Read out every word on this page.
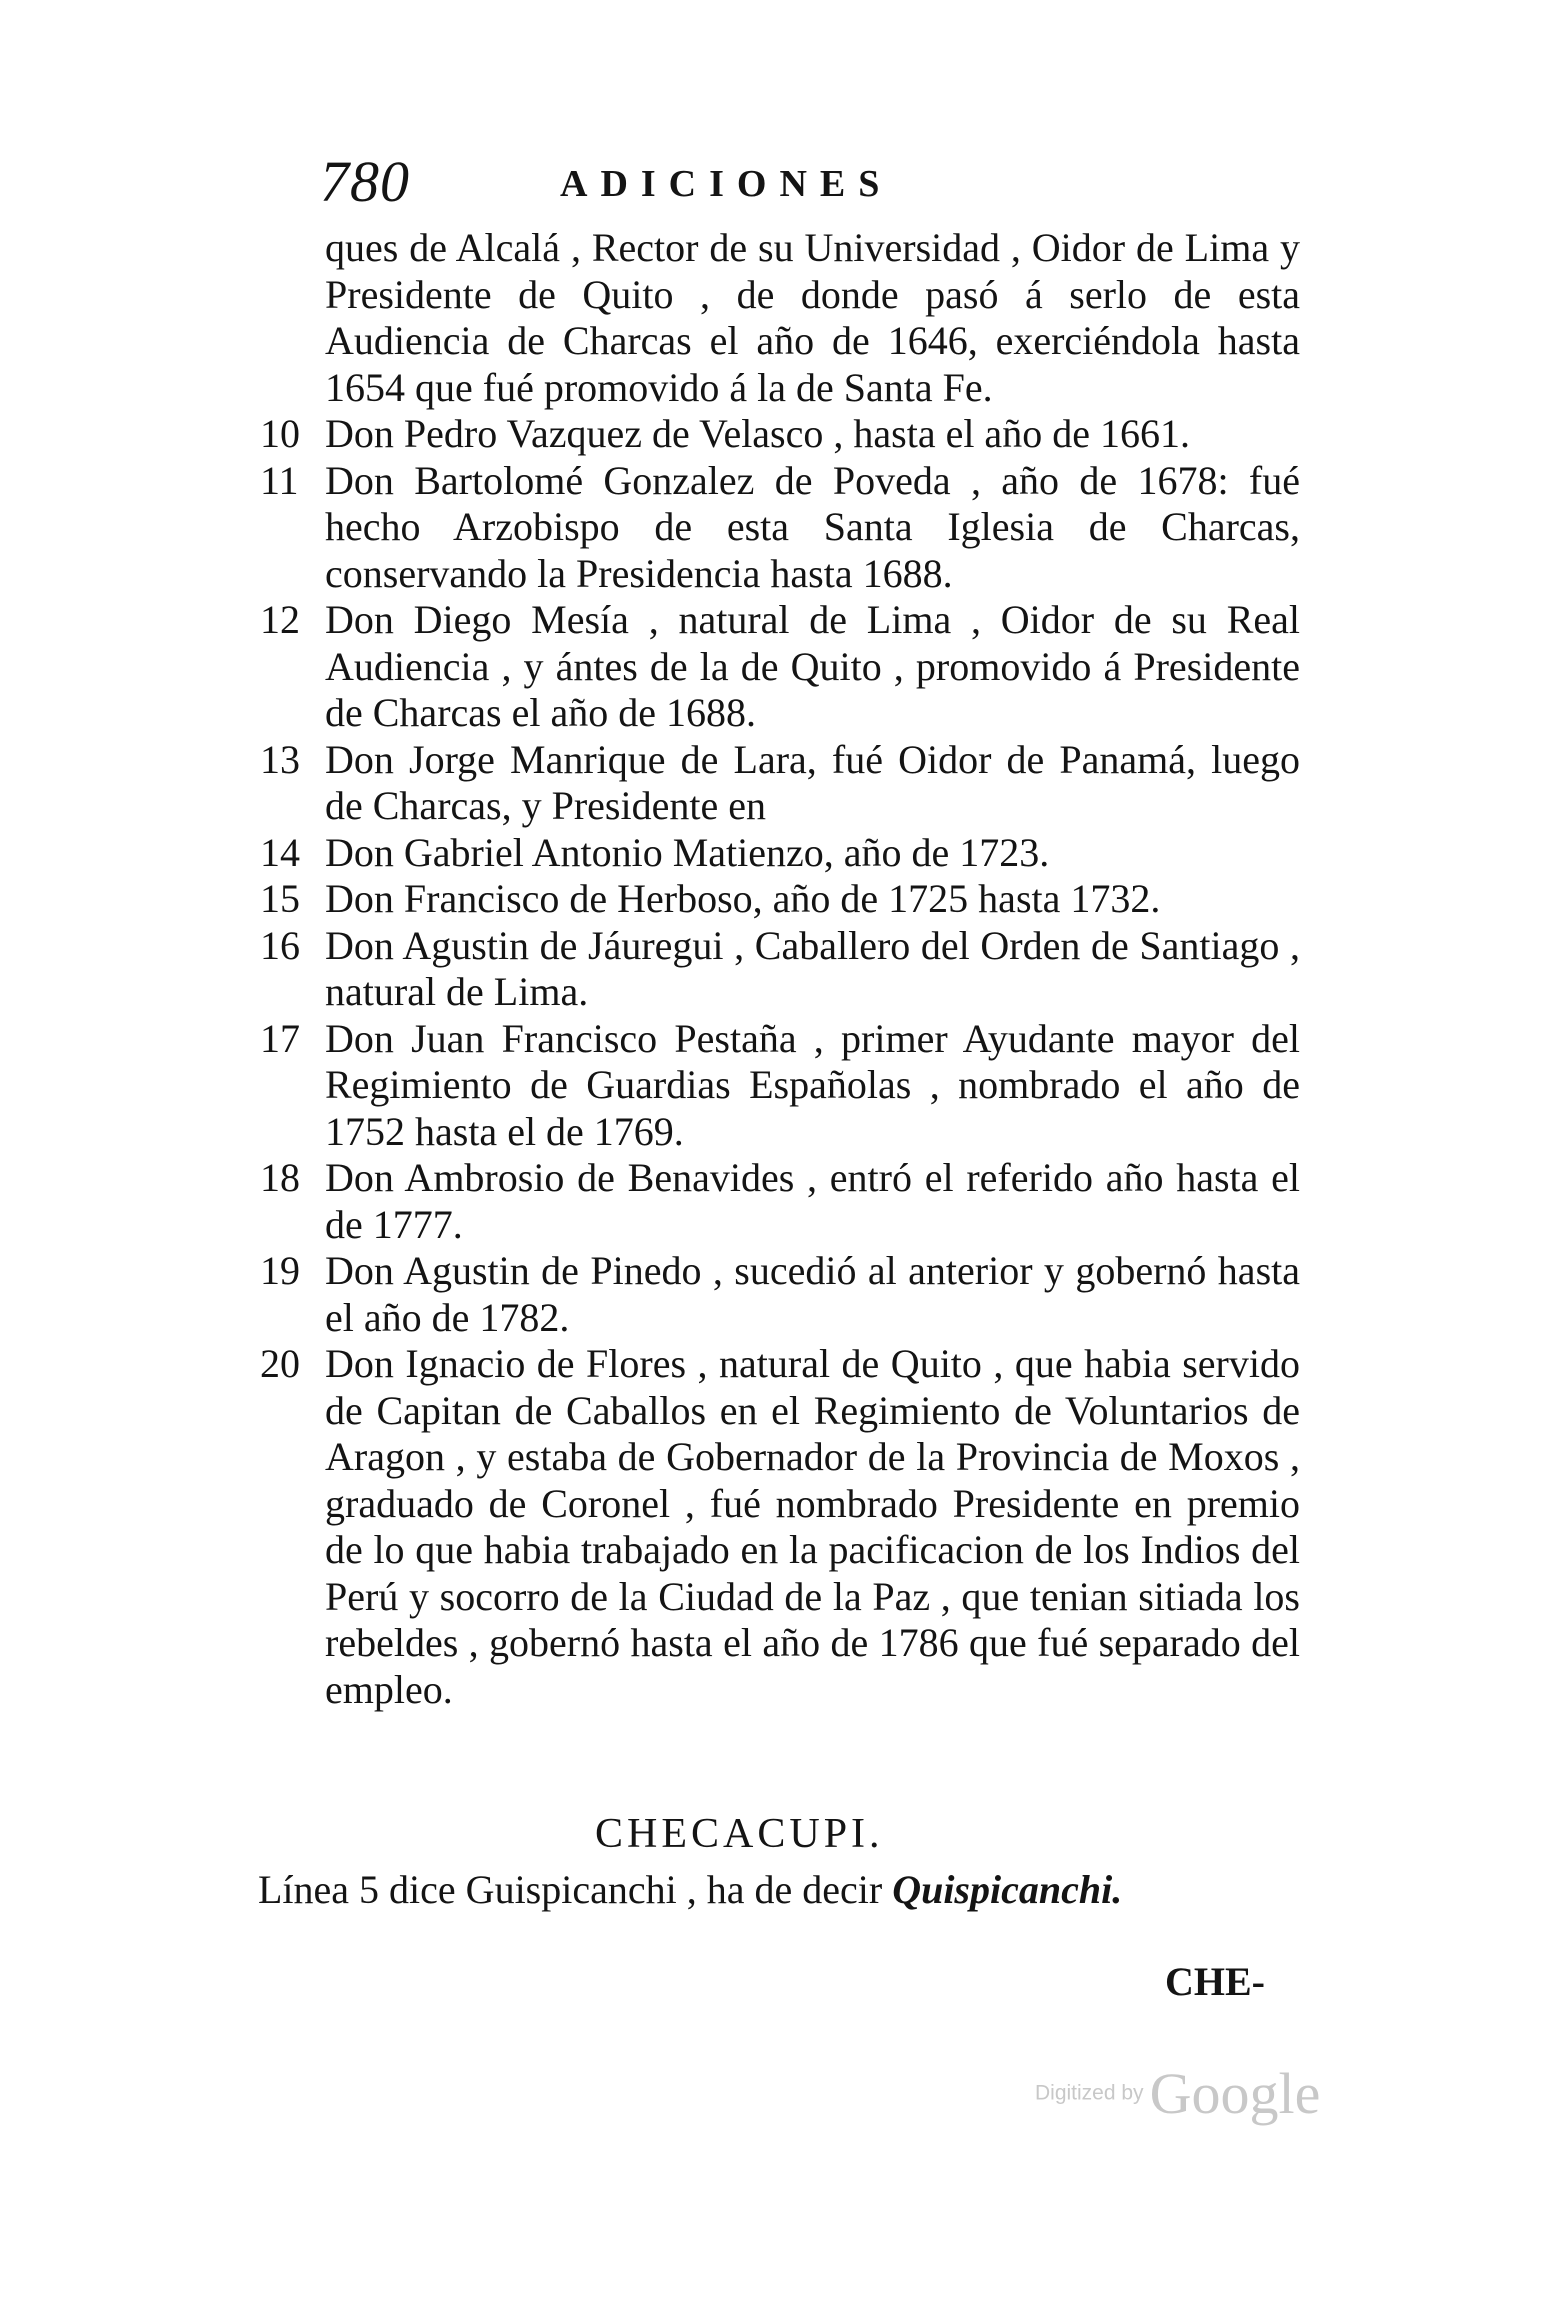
780	ADICIONES
ques de Alcalá , Rector de su Universidad , Oidor de Lima y Presidente de Quito , de donde pasó á serlo de esta Audiencia de Charcas el año de 1646, exerciéndola hasta 1654 que fué promovido á la de Santa Fe.
10 Don Pedro Vazquez de Velasco , hasta el año de 1661.
11 Don Bartolomé Gonzalez de Poveda , año de 1678: fué hecho Arzobispo de esta Santa Iglesia de Charcas, conservando la Presidencia hasta 1688.
12 Don Diego Mesía , natural de Lima , Oidor de su Real Audiencia , y ántes de la de Quito , promovido á Presidente de Charcas el año de 1688.
13 Don Jorge Manrique de Lara, fué Oidor de Panamá, luego de Charcas, y Presidente en
14 Don Gabriel Antonio Matienzo, año de 1723.
15 Don Francisco de Herboso, año de 1725 hasta 1732.
16 Don Agustin de Jáuregui , Caballero del Orden de Santiago , natural de Lima.
17 Don Juan Francisco Pestaña , primer Ayudante mayor del Regimiento de Guardias Españolas , nombrado el año de 1752 hasta el de 1769.
18 Don Ambrosio de Benavides , entró el referido año hasta el de 1777.
19 Don Agustin de Pinedo , sucedió al anterior y gobernó hasta el año de 1782.
20 Don Ignacio de Flores , natural de Quito , que habia servido de Capitan de Caballos en el Regimiento de Voluntarios de Aragon , y estaba de Gobernador de la Provincia de Moxos , graduado de Coronel , fué nombrado Presidente en premio de lo que habia trabajado en la pacificacion de los Indios del Perú y socorro de la Ciudad de la Paz , que tenian sitiada los rebeldes , gobernó hasta el año de 1786 que fué separado del empleo.
CHECACUPI.
Línea 5 dice Guispicanchi , ha de decir Quispicanchi.
CHE-
Digitized by Google
